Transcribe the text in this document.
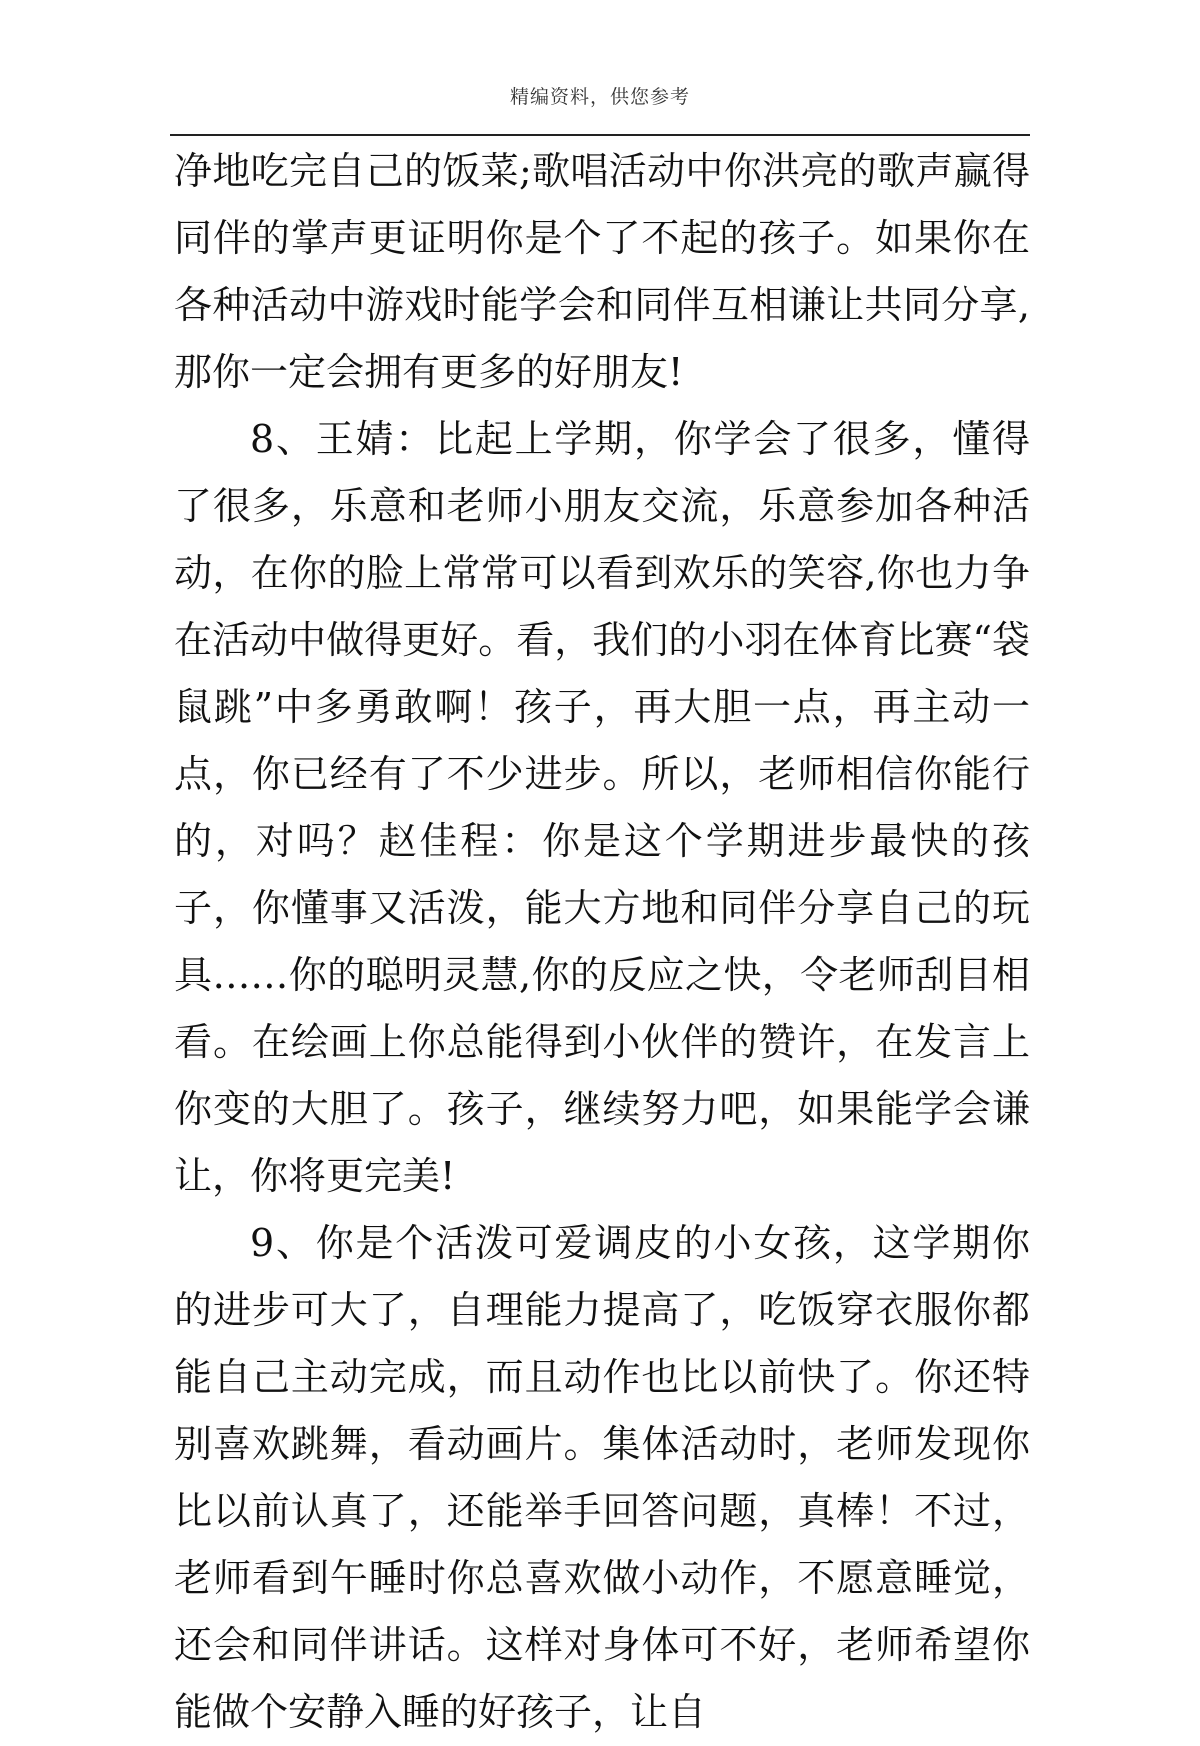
精编资料，供您参考

净地吃完自己的饭菜;歌唱活动中你洪亮的歌声赢得同伴的掌声更证明你是个了不起的孩子。如果你在各种活动中游戏时能学会和同伴互相谦让共同分享,那你一定会拥有更多的好朋友!

8、王婧：比起上学期，你学会了很多，懂得了很多，乐意和老师小朋友交流，乐意参加各种活动，在你的脸上常常可以看到欢乐的笑容,你也力争在活动中做得更好。看，我们的小羽在体育比赛“袋鼠跳”中多勇敢啊！孩子，再大胆一点，再主动一点，你已经有了不少进步。所以，老师相信你能行的，对吗？赵佳程：你是这个学期进步最快的孩子，你懂事又活泼，能大方地和同伴分享自己的玩具……你的聪明灵慧,你的反应之快，令老师刮目相看。在绘画上你总能得到小伙伴的赞许，在发言上你变的大胆了。孩子，继续努力吧，如果能学会谦让，你将更完美!

9、你是个活泼可爱调皮的小女孩，这学期你的进步可大了，自理能力提高了，吃饭穿衣服你都能自己主动完成，而且动作也比以前快了。你还特别喜欢跳舞，看动画片。集体活动时，老师发现你比以前认真了，还能举手回答问题，真棒！不过，老师看到午睡时你总喜欢做小动作，不愿意睡觉，还会和同伴讲话。这样对身体可不好，老师希望你能做个安静入睡的好孩子，让自
